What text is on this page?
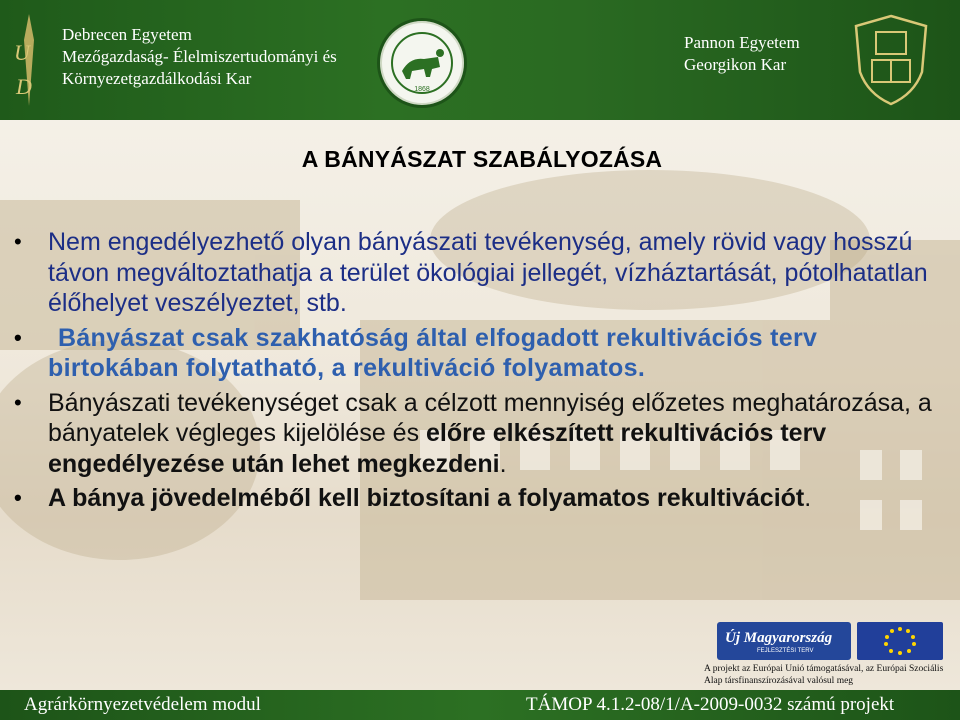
U
D
Debrecen Egyetem
Mezőgazdaság- Élelmiszertudományi és
Környezetgazdálkodási Kar
1868
Pannon Egyetem
Georgikon Kar
A BÁNYÁSZAT SZABÁLYOZÁSA
• Nem engedélyezhető olyan bányászati tevékenység, amely rövid vagy hosszú távon megváltoztathatja a terület ökológiai jellegét, vízháztartását, pótolhatatlan élőhelyet veszélyeztet, stb.
• Bányászat csak szakhatóság által elfogadott rekultivációs terv birtokában folytatható, a rekultiváció folyamatos.
• Bányászati tevékenységet csak a célzott mennyiség előzetes meghatározása, a bányatelek végleges kijelölése és előre elkészített rekultivációs terv engedélyezése után lehet megkezdeni.
• A bánya jövedelméből kell biztosítani a folyamatos rekultivációt.
Új Magyarország
FEJLESZTÉSI TERV
A projekt az Európai Unió támogatásával, az Európai Szociális Alap társfinanszírozásával valósul meg
Agrárkörnyezetvédelem modul	TÁMOP 4.1.2-08/1/A-2009-0032 számú projekt
